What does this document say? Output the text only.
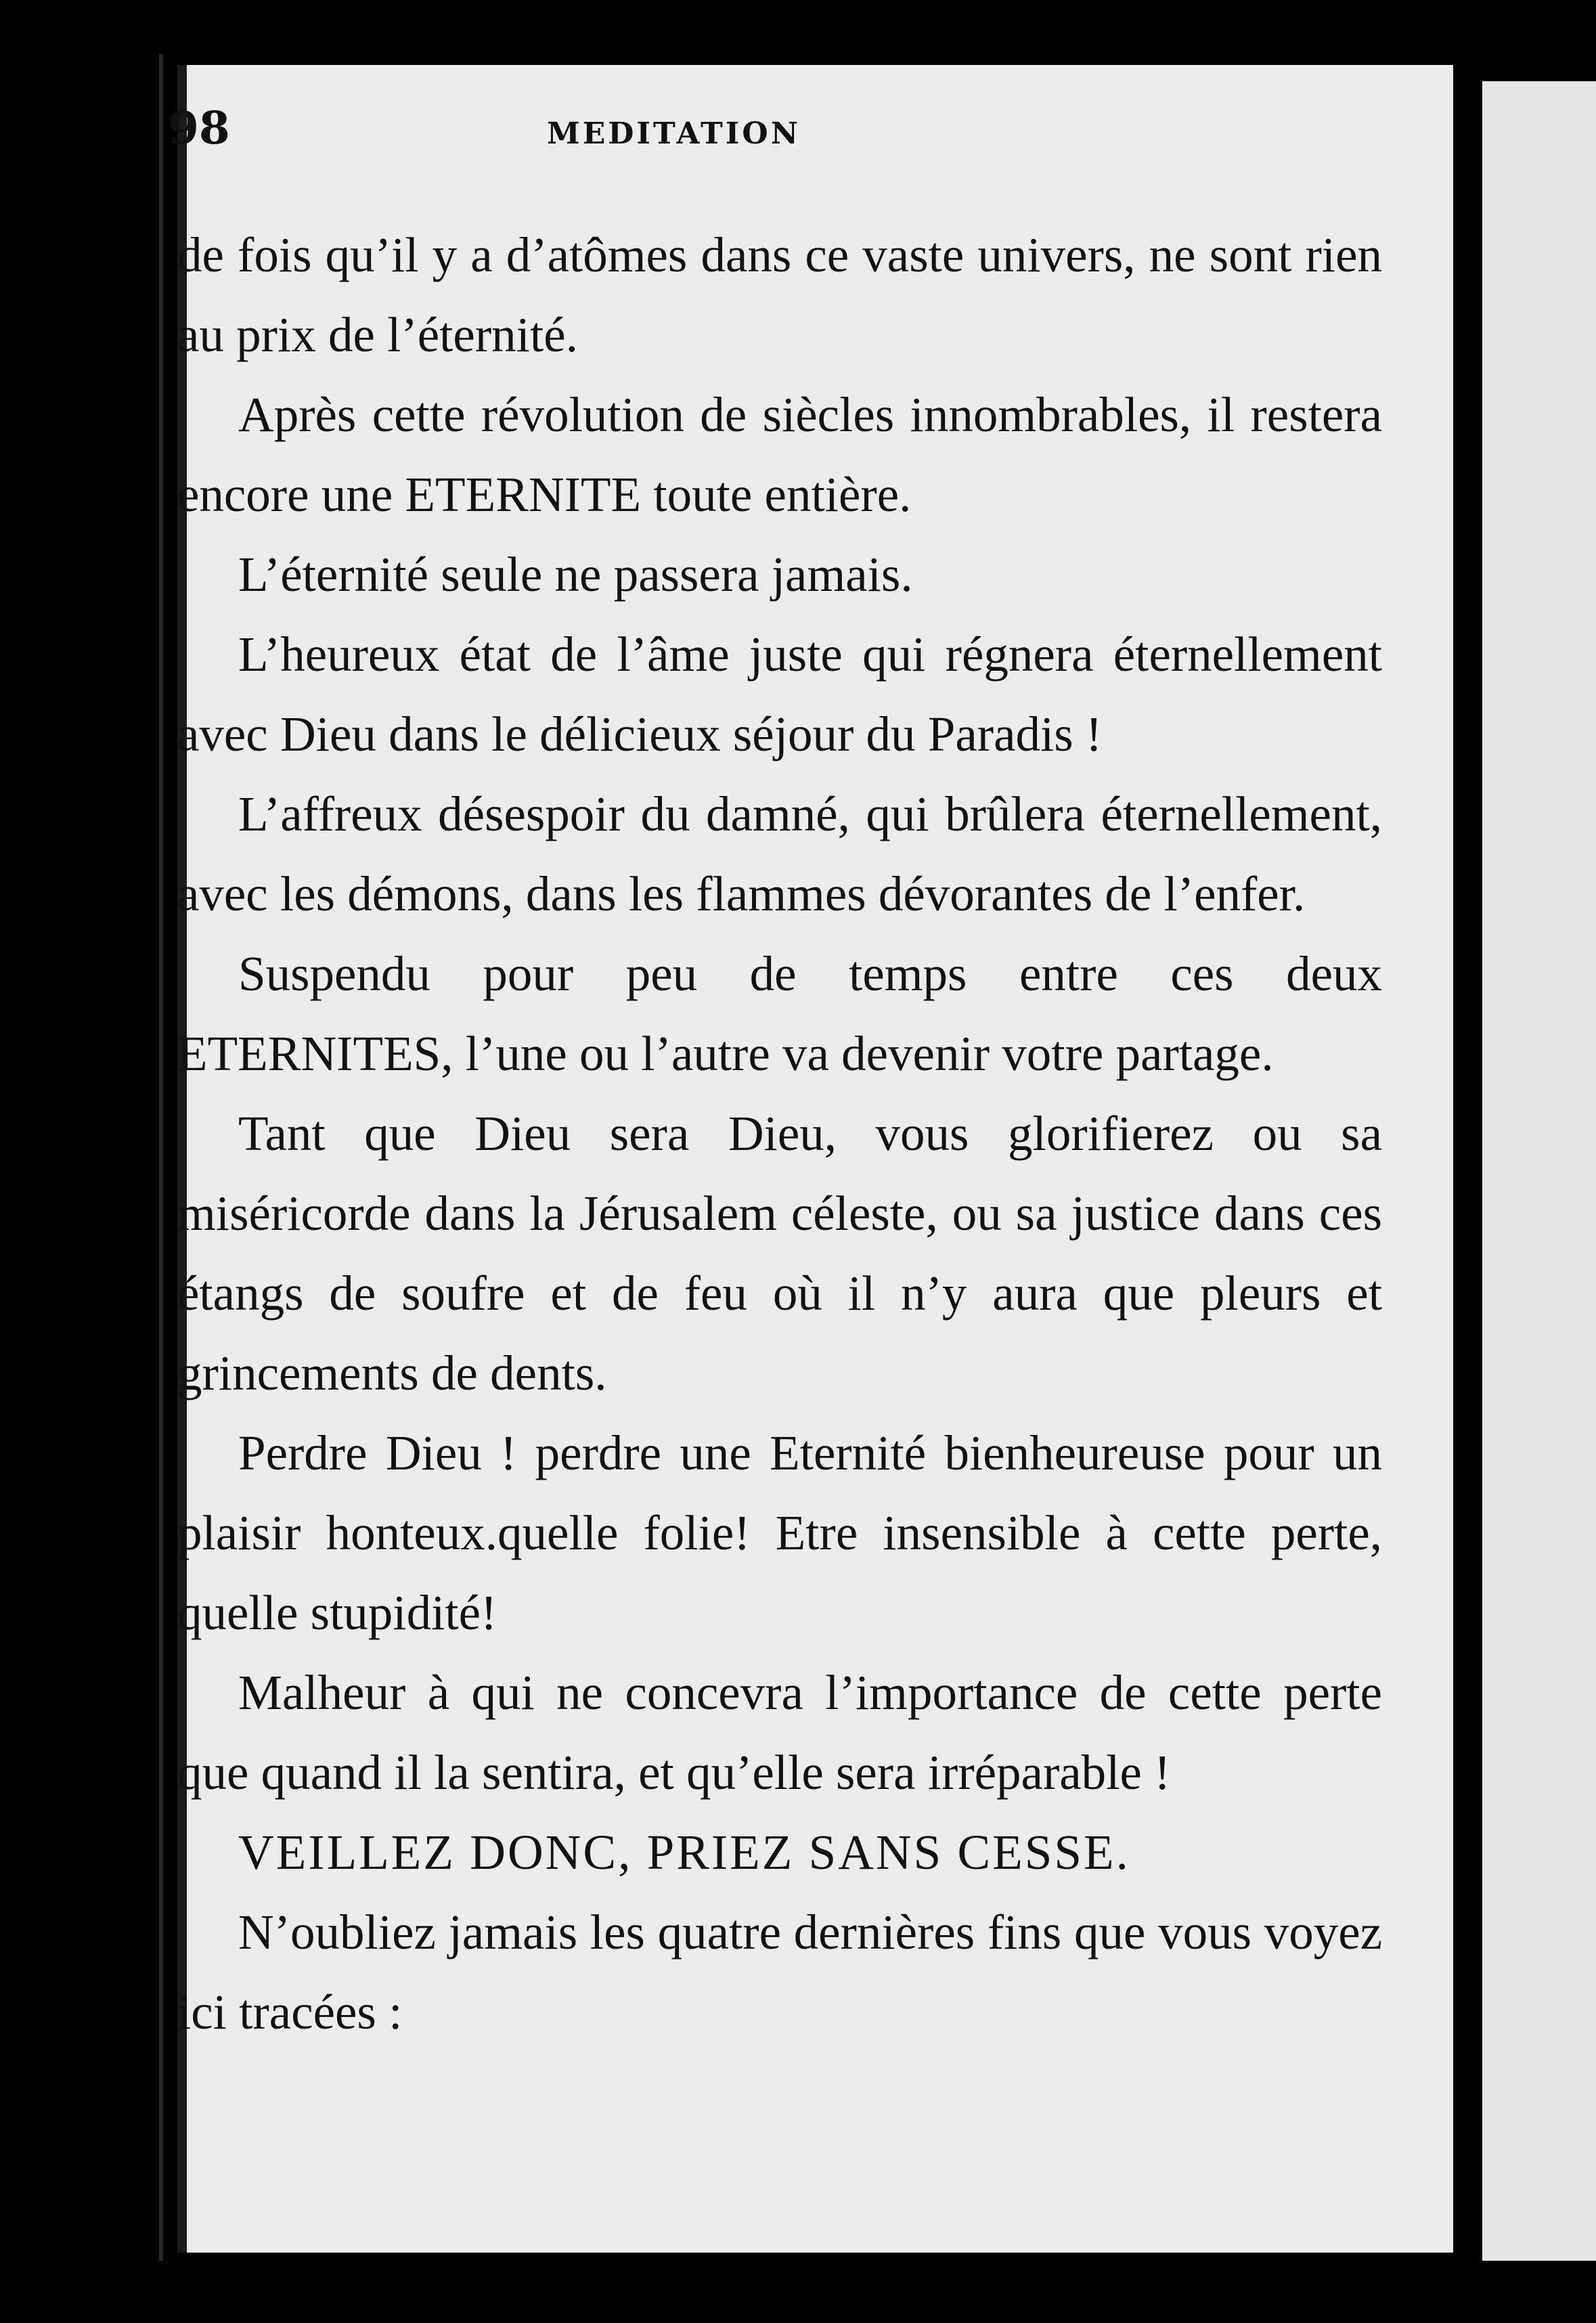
98	MEDITATION

de fois qu’il y a d’atômes dans ce vaste univers, ne sont rien au prix de l’éternité.

Après cette révolution de siècles innombrables, il restera encore une ETERNITE toute entière.

L’éternité seule ne passera jamais.

L’heureux état de l’âme juste qui régnera éternellement avec Dieu dans le délicieux séjour du Paradis !

L’affreux désespoir du damné, qui brûlera éternellement, avec les démons, dans les flammes dévorantes de l’enfer.

Suspendu pour peu de temps entre ces deux ETERNITES, l’une ou l’autre va devenir votre partage.

Tant que Dieu sera Dieu, vous glorifierez ou sa miséricorde dans la Jérusalem céleste, ou sa justice dans ces étangs de soufre et de feu où il n’y aura que pleurs et grincements de dents.

Perdre Dieu ! perdre une Eternité bienheureuse pour un plaisir honteux.quelle folie! Etre insensible à cette perte, quelle stupidité!

Malheur à qui ne concevra l’importance de cette perte que quand il la sentira, et qu’elle sera irréparable !

VEILLEZ DONC, PRIEZ SANS CESSE.

N’oubliez jamais les quatre dernières fins que vous voyez ici tracées :
